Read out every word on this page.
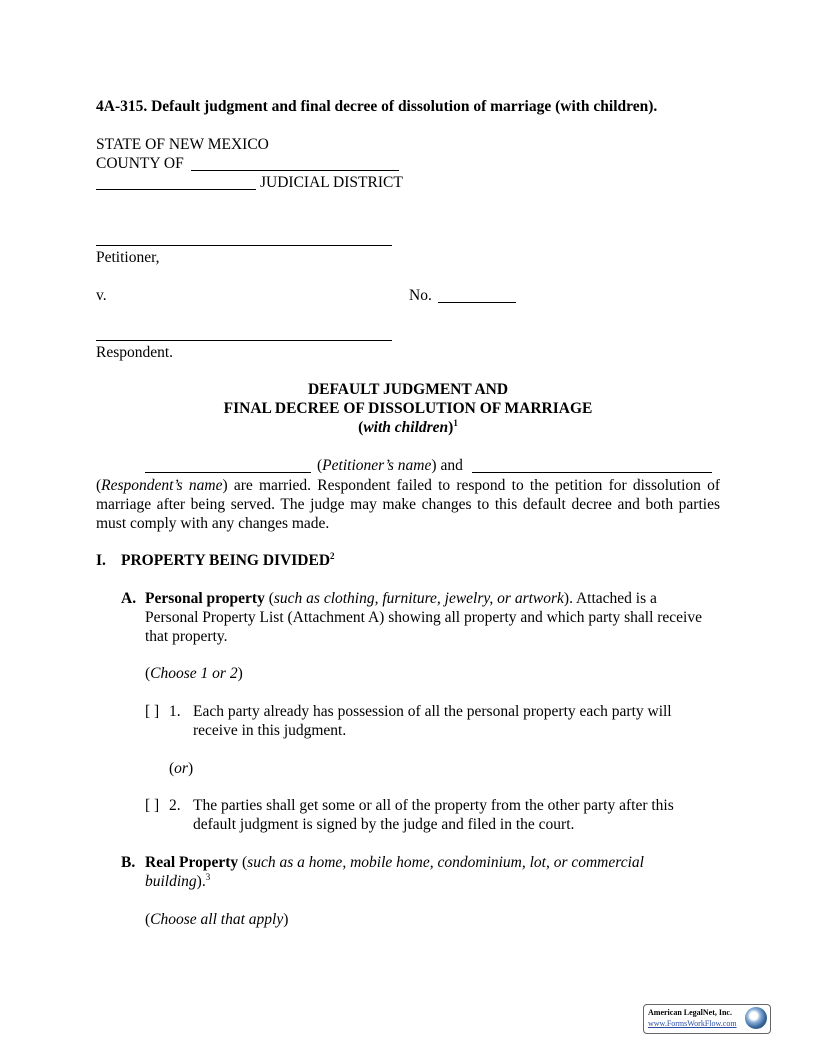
4A-315. Default judgment and final decree of dissolution of marriage (with children).
STATE OF NEW MEXICO
COUNTY OF
JUDICIAL DISTRICT
Petitioner,
v.	No.
Respondent.
DEFAULT JUDGMENT AND
FINAL DECREE OF DISSOLUTION OF MARRIAGE
(with children)$^1$
(Petitioner’s name) and
(Respondent’s name) are married. Respondent failed to respond to the petition for dissolution of marriage after being served. The judge may make changes to this default decree and both parties must comply with any changes made.
I. PROPERTY BEING DIVIDED$^2$
A. Personal property (such as clothing, furniture, jewelry, or artwork). Attached is a
Personal Property List (Attachment A) showing all property and which party shall receive
that property.
(Choose 1 or 2)
[ ] 1. Each party already has possession of all the personal property each party will
receive in this judgment.
(or)
[ ] 2. The parties shall get some or all of the property from the other party after this
default judgment is signed by the judge and filed in the court.
B. Real Property (such as a home, mobile home, condominium, lot, or commercial
building).$^3$
(Choose all that apply)
American LegalNet, Inc.
www.FormsWorkFlow.com
